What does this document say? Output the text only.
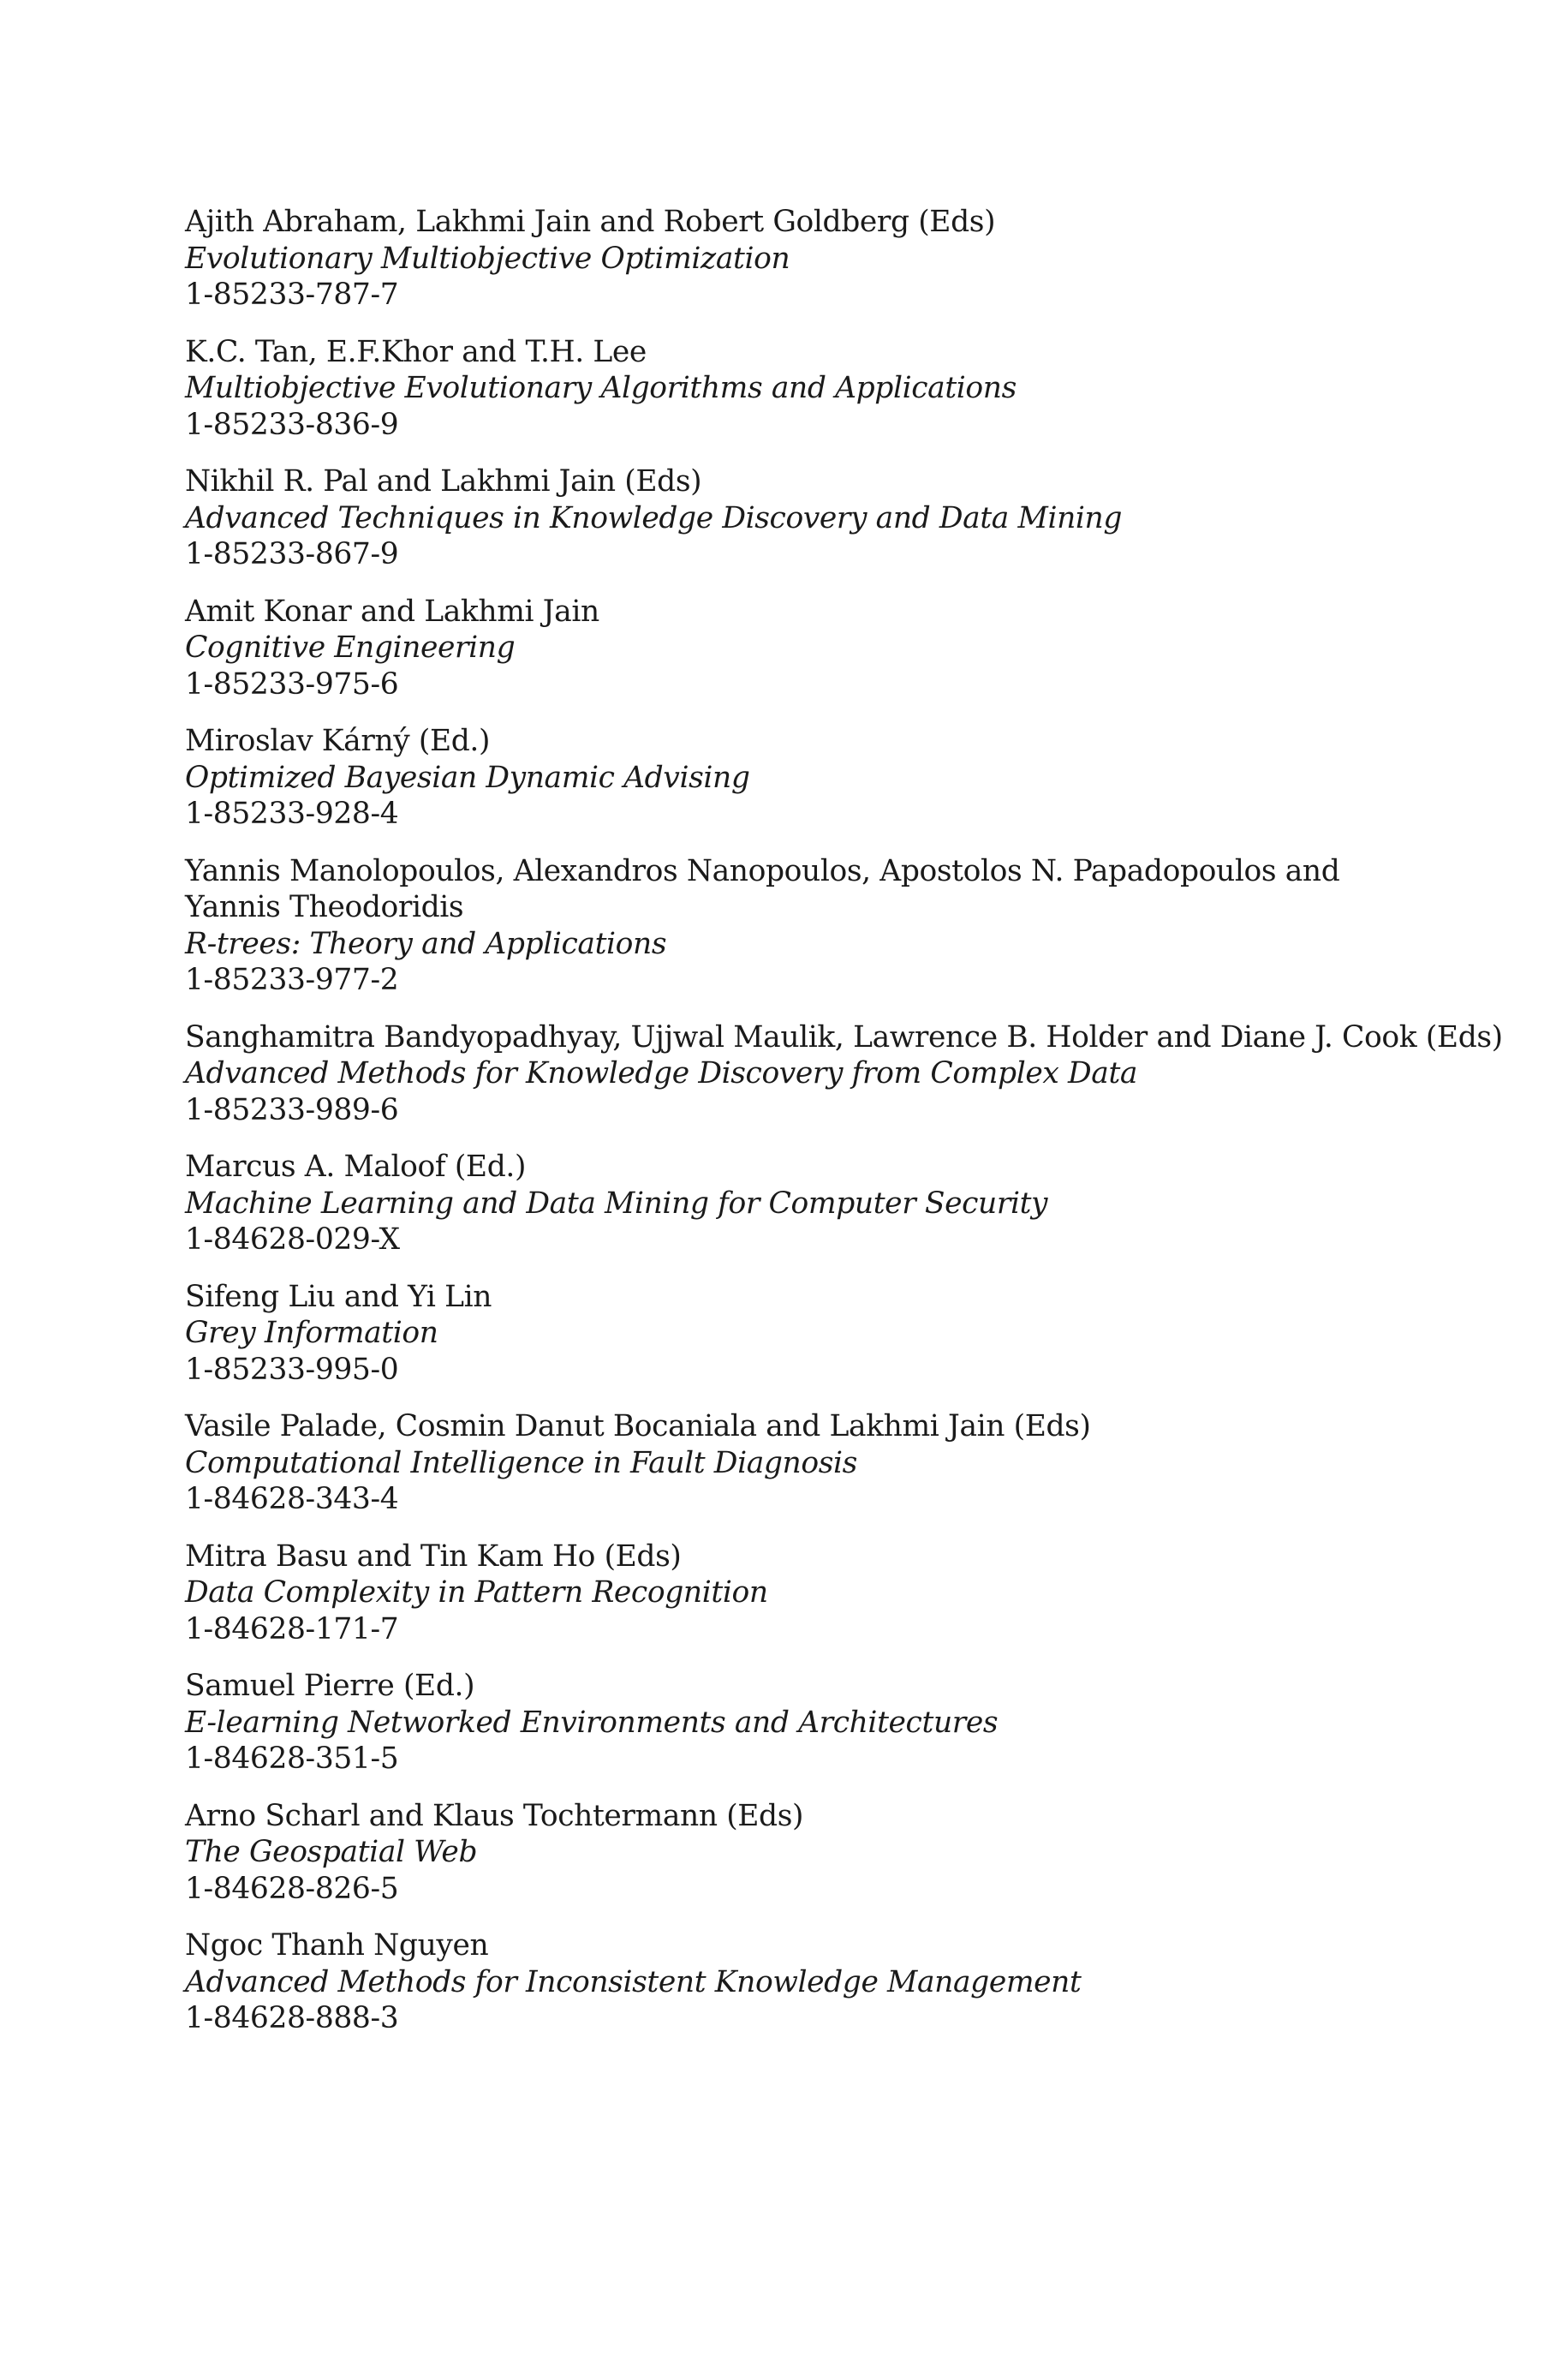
Ajith Abraham, Lakhmi Jain and Robert Goldberg (Eds)
Evolutionary Multiobjective Optimization
1-85233-787-7
K.C. Tan, E.F.Khor and T.H. Lee
Multiobjective Evolutionary Algorithms and Applications
1-85233-836-9
Nikhil R. Pal and Lakhmi Jain (Eds)
Advanced Techniques in Knowledge Discovery and Data Mining
1-85233-867-9
Amit Konar and Lakhmi Jain
Cognitive Engineering
1-85233-975-6
Miroslav Kárný (Ed.)
Optimized Bayesian Dynamic Advising
1-85233-928-4
Yannis Manolopoulos, Alexandros Nanopoulos, Apostolos N. Papadopoulos and
Yannis Theodoridis
R-trees: Theory and Applications
1-85233-977-2
Sanghamitra Bandyopadhyay, Ujjwal Maulik, Lawrence B. Holder and Diane J. Cook (Eds)
Advanced Methods for Knowledge Discovery from Complex Data
1-85233-989-6
Marcus A. Maloof (Ed.)
Machine Learning and Data Mining for Computer Security
1-84628-029-X
Sifeng Liu and Yi Lin
Grey Information
1-85233-995-0
Vasile Palade, Cosmin Danut Bocaniala and Lakhmi Jain (Eds)
Computational Intelligence in Fault Diagnosis
1-84628-343-4
Mitra Basu and Tin Kam Ho (Eds)
Data Complexity in Pattern Recognition
1-84628-171-7
Samuel Pierre (Ed.)
E-learning Networked Environments and Architectures
1-84628-351-5
Arno Scharl and Klaus Tochtermann (Eds)
The Geospatial Web
1-84628-826-5
Ngoc Thanh Nguyen
Advanced Methods for Inconsistent Knowledge Management
1-84628-888-3
